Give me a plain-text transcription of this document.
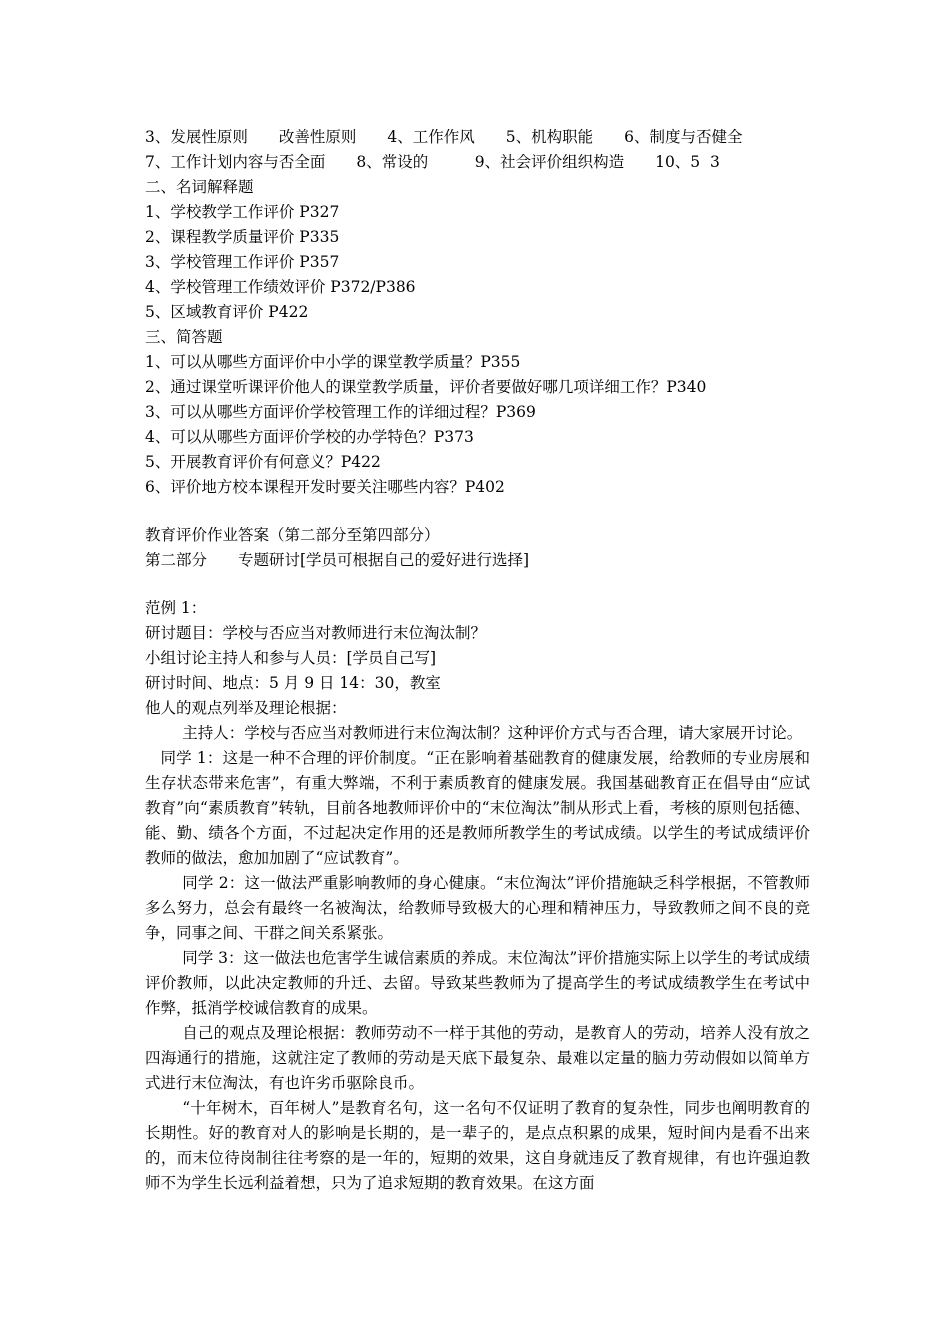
3、发展性原则　　改善性原则　　4、工作作风　　5、机构职能　　6、制度与否健全
7、工作计划内容与否全面　　8、常设的　　　9、社会评价组织构造　　10、5  3
二、名词解释题
1、学校教学工作评价 P327
2、课程教学质量评价 P335
3、学校管理工作评价 P357
4、学校管理工作绩效评价 P372/P386
5、区域教育评价 P422
三、简答题
1、可以从哪些方面评价中小学的课堂教学质量？P355
2、通过课堂听课评价他人的课堂教学质量，评价者要做好哪几项详细工作？P340
3、可以从哪些方面评价学校管理工作的详细过程？P369
4、可以从哪些方面评价学校的办学特色？P373
5、开展教育评价有何意义？P422
6、评价地方校本课程开发时要关注哪些内容？P402
教育评价作业答案（第二部分至第四部分）
第二部分　　专题研讨[学员可根据自己的爱好进行选择]
范例 1：
研讨题目：学校与否应当对教师进行末位淘汰制？
小组讨论主持人和参与人员：[学员自己写]
研讨时间、地点：5 月 9 日 14：30，教室
他人的观点列举及理论根据：

主持人：学校与否应当对教师进行末位淘汰制？这种评价方式与否合理，请大家展开讨论。

同学 1：这是一种不合理的评价制度。“正在影响着基础教育的健康发展，给教师的专业房展和生存状态带来危害”，有重大弊端，不利于素质教育的健康发展。我国基础教育正在倡导由“应试教育”向“素质教育”转轨，目前各地教师评价中的“末位淘汰”制从形式上看，考核的原则包括德、能、勤、绩各个方面，不过起决定作用的还是教师所教学生的考试成绩。以学生的考试成绩评价教师的做法，愈加加剧了“应试教育”。

同学 2：这一做法严重影响教师的身心健康。“末位淘汰”评价措施缺乏科学根据，不管教师多么努力，总会有最终一名被淘汰，给教师导致极大的心理和精神压力，导致教师之间不良的竞争，同事之间、干群之间关系紧张。

同学 3：这一做法也危害学生诚信素质的养成。末位淘汰”评价措施实际上以学生的考试成绩评价教师，以此决定教师的升迁、去留。导致某些教师为了提高学生的考试成绩教学生在考试中作弊，抵消学校诚信教育的成果。

自己的观点及理论根据：教师劳动不一样于其他的劳动，是教育人的劳动，培养人没有放之四海通行的措施，这就注定了教师的劳动是天底下最复杂、最难以定量的脑力劳动假如以简单方式进行末位淘汰，有也许劣币驱除良币。

“十年树木，百年树人”是教育名句，这一名句不仅证明了教育的复杂性，同步也阐明教育的长期性。好的教育对人的影响是长期的，是一辈子的，是点点积累的成果，短时间内是看不出来的，而末位待岗制往往考察的是一年的，短期的效果，这自身就违反了教育规律，有也许强迫教师不为学生长远利益着想，只为了追求短期的教育效果。在这方面
